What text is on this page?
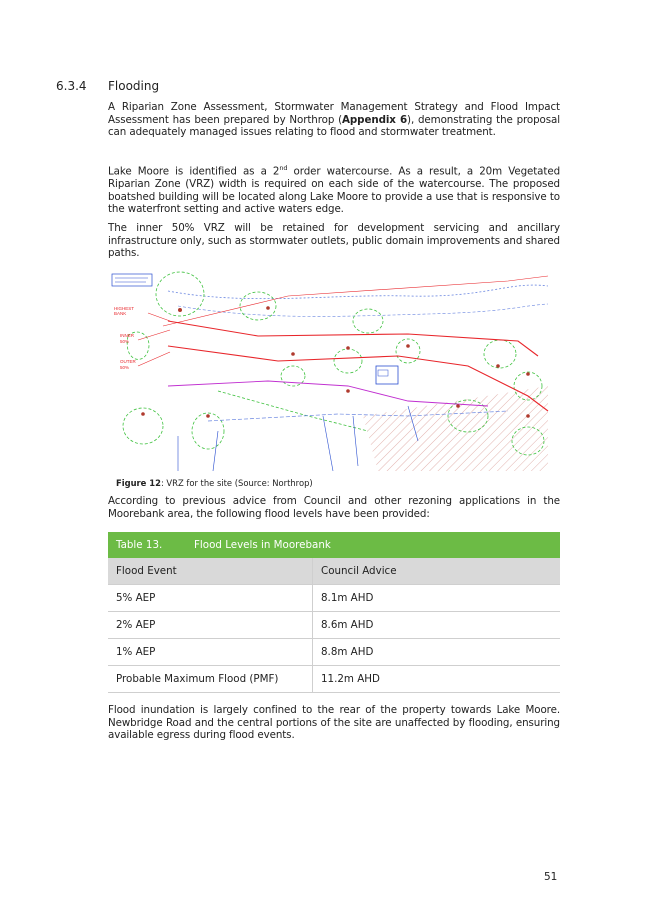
6.3.4 Flooding

A Riparian Zone Assessment, Stormwater Management Strategy and Flood Impact Assessment has been prepared by Northrop (Appendix 6), demonstrating the proposal can adequately managed issues relating to flood and stormwater treatment.

Lake Moore is identified as a 2nd order watercourse. As a result, a 20m Vegetated Riparian Zone (VRZ) width is required on each side of the watercourse. The proposed boatshed building will be located along Lake Moore to provide a use that is responsive to the waterfront setting and active waters edge.

The inner 50% VRZ will be retained for development servicing and ancillary infrastructure only, such as stormwater outlets, public domain improvements and shared paths.

HIGHEST
BANK
INNER
50%
OUTER
50%
Figure 12: VRZ for the site (Source: Northrop)

According to previous advice from Council and other rezoning applications in the Moorebank area, the following flood levels have been provided:

Table 13. Flood Levels in Moorebank	
Flood Event	Council Advice
5% AEP	8.1m AHD
2% AEP	8.6m AHD
1% AEP	8.8m AHD
Probable Maximum Flood (PMF)	11.2m AHD

Flood inundation is largely confined to the rear of the property towards Lake Moore. Newbridge Road and the central portions of the site are unaffected by flooding, ensuring available egress during flood events.

51
